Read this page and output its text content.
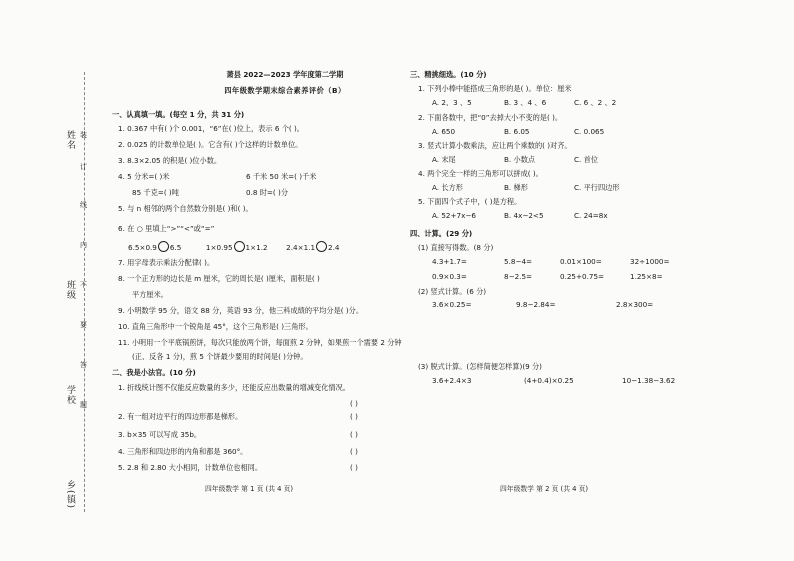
姓名
班级
学校
乡(镇)
装
订
线
内
不
要
答
题
萧县 2022—2023 学年度第二学期
四年级数学期末综合素养评价（B）
一、认真填一填。(每空 1 分，共 31 分)
1. 0.367 中有( )个 0.001，“6”在( )位上，表示 6 个( )。
2. 0.025 的计数单位是( )。它含有( )个这样的计数单位。
3. 8.3×2.05 的积是( )位小数。
4. 5 分米=( )米	6 千米 50 米=( )千米
85 千克=( )吨	0.8 时=( )分
5. 与 n 相邻的两个自然数分别是( )和( )。
6. 在 ○ 里填上“>”“<”或“=”
6.5×0.9 6.5	1×0.95 1×1.2	2.4×1.1 2.4
7. 用字母表示乘法分配律( )。
8. 一个正方形的边长是 m 厘米，它的周长是( )厘米，面积是( )
平方厘米。
9. 小明数学 95 分，语文 88 分，英语 93 分，他三科成绩的平均分是( )分。
10. 直角三角形中一个锐角是 45°，这个三角形是( )三角形。
11. 小明用一个平底锅煎饼，每次只能放两个饼，每面煎 2 分钟，如果煎一个需要 2 分钟
(正、反各 1 分)，煎 5 个饼最少要用的时间是( )分钟。
二、我是小法官。(10 分)
1. 折线统计图不仅能反应数量的多少，还能反应出数量的增减变化情况。
( )
2. 有一组对边平行的四边形都是梯形。	( )
3. b×35 可以写成 35b。	( )
4. 三角形和四边形的内角和都是 360°。	( )
5. 2.8 和 2.80 大小相同，计数单位也相同。	( )
四年级数学 第 1 页 (共 4 页)
三、精挑细选。(10 分)
1. 下列小棒中能搭成三角形的是( )。单位：厘米
A. 2、3 、5	B. 3 、4 、6	C. 6 、2 、2
2. 下面各数中，把“0”去掉大小不变的是( )。
A. 650	B. 6.05	C. 0.065
3. 竖式计算小数乘法，应让两个乘数的( )对齐。
A. 末尾	B. 小数点	C. 首位
4. 两个完全一样的三角形可以拼成( )。
A. 长方形	B. 梯形	C. 平行四边形
5. 下面四个式子中，( )是方程。
A. 52+7x−6	B. 4x−2<5	C. 24=8x
四、计算。(29 分)
(1) 直接写得数。(8 分)
4.3+1.7=	5.8−4=	0.01×100=	32÷1000=
0.9×0.3=	8−2.5=	0.25+0.75=	1.25×8=
(2) 竖式计算。(6 分)
3.6×0.25=	9.8−2.84=	2.8×300=
(3) 脱式计算。(怎样简便怎样算)(9 分)
3.6+2.4×3	(4+0.4)×0.25	10−1.38−3.62
四年级数学 第 2 页 (共 4 页)
